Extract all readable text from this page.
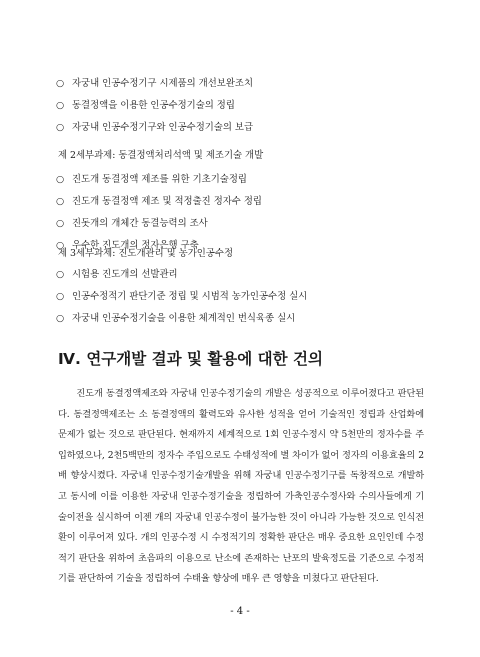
○ 자궁내 인공수정기구 시제품의 개선보완조치
○ 동결정액을 이용한 인공수정기술의 정립
○ 자궁내 인공수정기구와 인공수정기술의 보급
제 2세부과제: 동결정액처리석액 및 제조기술 개발
○ 진도개 동결정액 제조를 위한 기초기술정립
○ 진도개 동결정액 제조 및 적정출진 정자수 정립
○ 진돗개의 개체간 동결능력의 조사
○ 우수한 진도개의 정자은행 구축
제 3세부과제: 진도개관리 및 농가인공수정
○ 시험용 진도개의 선발관리
○ 인공수정적기 판단기준 정립 및 시범적 농가인공수정 실시
○ 자궁내 인공수정기술을 이용한 체계적인 번식육종 실시
Ⅳ. 연구개발 결과 및 활용에 대한 건의

진도개 동결정액제조와 자궁내 인공수정기술의 개발은 성공적으로 이루어졌다고 판단된다. 동결정액제조는 소 동결정액의 활력도와 유사한 성적을 얻어 기술적인 정립과 산업화에 문제가 없는 것으로 판단된다. 현재까지 세계적으로 1회 인공수정시 약 5천만의 정자수를 주입하였으나, 2천5백만의 정자수 주입으로도 수태성적에 별 차이가 없어 정자의 이용효율의 2배 향상시켰다. 자궁내 인공수정기술개발을 위해 자궁내 인공수정기구를 독창적으로 개발하고 동시에 이를 이용한 자궁내 인공수정기술을 정립하여 가축인공수정사와 수의사들에게 기술이전을 실시하여 이젠 개의 자궁내 인공수정이 불가능한 것이 아니라 가능한 것으로 인식전환이 이루어져 있다. 개의 인공수정 시 수정적기의 정확한 판단은 매우 중요한 요인인데 수정적기 판단을 위하여 초음파의 이용으로 난소에 존재하는 난포의 발육정도를 기준으로 수정적기를 판단하여 기술을 정립하여 수태율 향상에 매우 큰 영향을 미쳤다고 판단된다.

- 4 -
